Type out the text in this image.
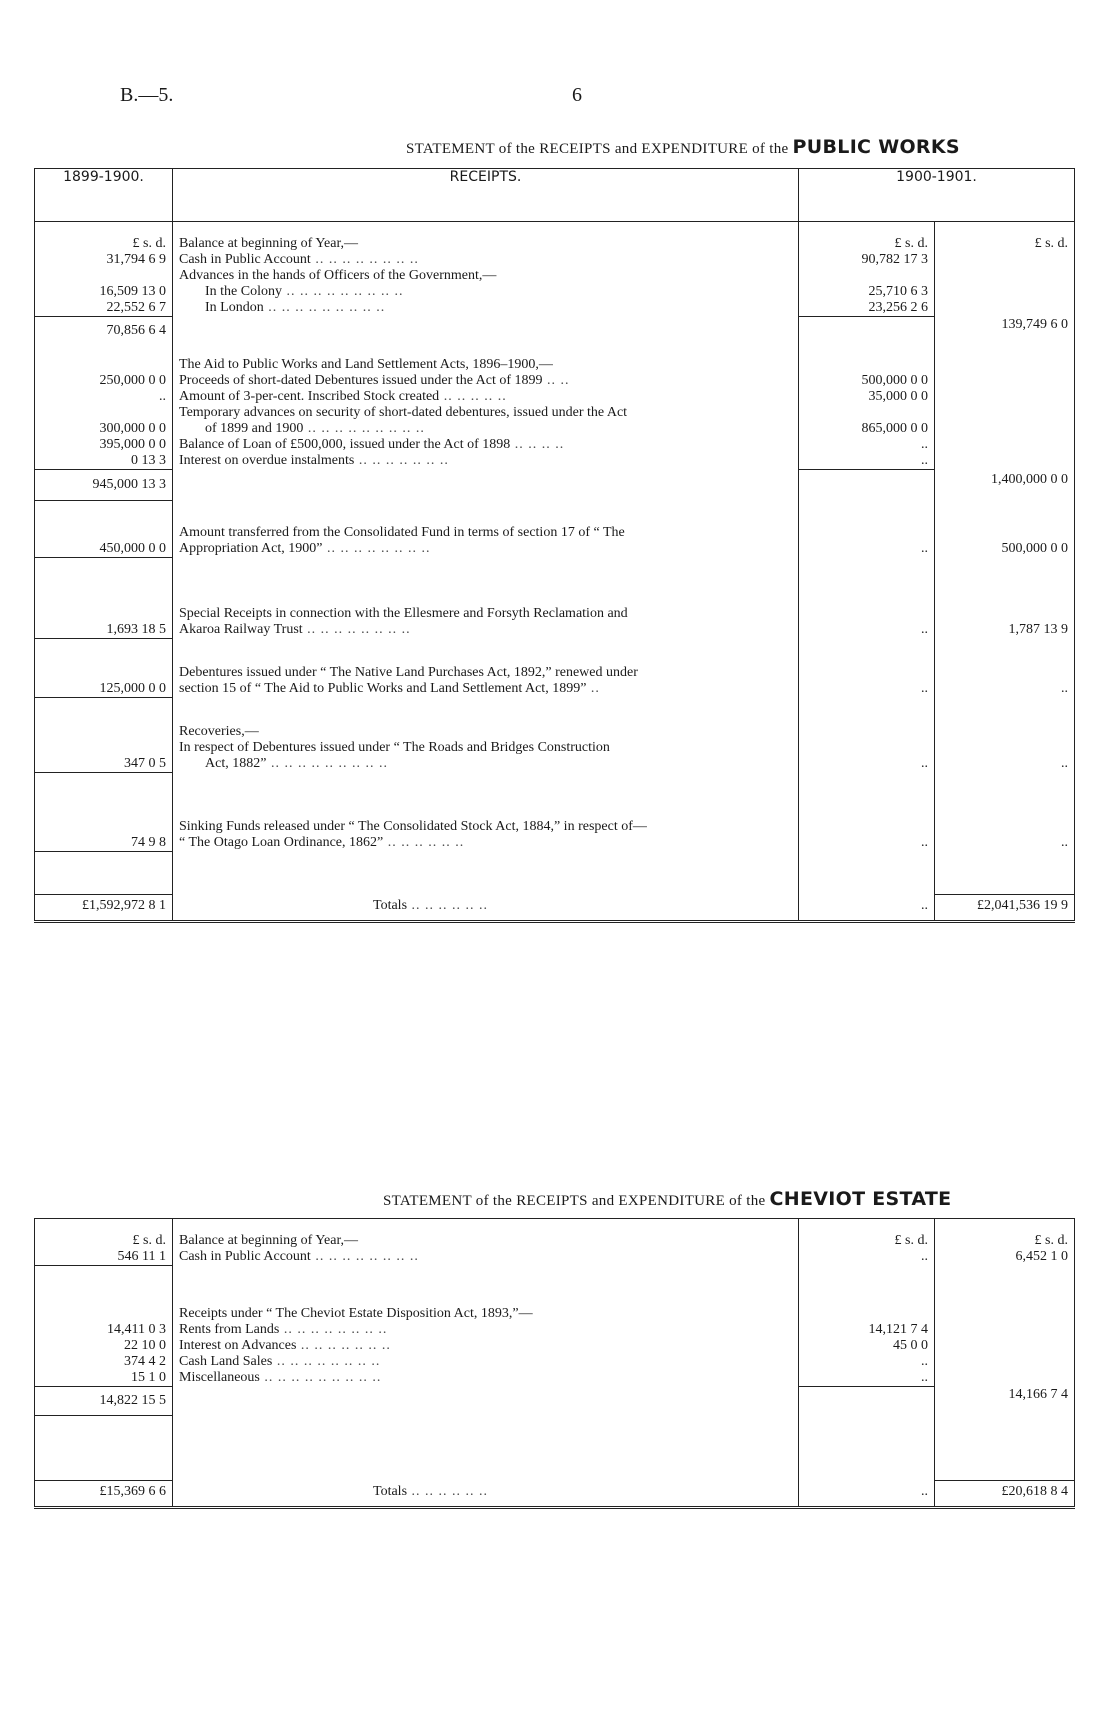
B.—5.	6
STATEMENT of the RECEIPTS and EXPENDITURE of the PUBLIC WORKS
1899-1900.	RECEIPTS.	1900-1901.	

£ s. d.	Balance at beginning of Year,—	£ s. d.	£ s. d.
31,794 6 9	Cash in Public Account .. .. .. .. .. .. .. ..	90,782 17 3	
	Advances in the hands of Officers of the Government,—		
16,509 13 0	In the Colony .. .. .. .. .. .. .. .. ..	25,710 6 3	
22,552 6 7	In London .. .. .. .. .. .. .. .. ..	23,256 2 6	
70,856 6 4			139,749 6 0

	The Aid to Public Works and Land Settlement Acts, 1896–1900,—		
250,000 0 0	Proceeds of short-dated Debentures issued under the Act of 1899 .. ..	500,000 0 0	
..	Amount of 3-per-cent. Inscribed Stock created .. .. .. .. ..	35,000 0 0	
	Temporary advances on security of short-dated debentures, issued under the Act		
300,000 0 0	of 1899 and 1900 .. .. .. .. .. .. .. .. ..	865,000 0 0	
395,000 0 0	Balance of Loan of £500,000, issued under the Act of 1898 .. .. .. ..	..	
0 13 3	Interest on overdue instalments .. .. .. .. .. .. ..	..	
945,000 13 3			1,400,000 0 0

	Amount transferred from the Consolidated Fund in terms of section 17 of “ The		
450,000 0 0	Appropriation Act, 1900” .. .. .. .. .. .. .. ..	..	500,000 0 0

	Special Receipts in connection with the Ellesmere and Forsyth Reclamation and		
1,693 18 5	Akaroa Railway Trust .. .. .. .. .. .. .. ..	..	1,787 13 9

	Debentures issued under “ The Native Land Purchases Act, 1892,” renewed under		
125,000 0 0	section 15 of “ The Aid to Public Works and Land Settlement Act, 1899” ..	..	..

	Recoveries,—		
	In respect of Debentures issued under “ The Roads and Bridges Construction		
347 0 5	Act, 1882” .. .. .. .. .. .. .. .. ..	..	..

	Sinking Funds released under “ The Consolidated Stock Act, 1884,” in respect of—		
74 9 8	“ The Otago Loan Ordinance, 1862” .. .. .. .. .. ..	..	..

£1,592,972 8 1	Totals .. .. .. .. .. ..	..	£2,041,536 19 9
STATEMENT of the RECEIPTS and EXPENDITURE of the CHEVIOT ESTATE

£ s. d.	Balance at beginning of Year,—	£ s. d.	£ s. d.
546 11 1	Cash in Public Account .. .. .. .. .. .. .. ..	..	6,452 1 0

	Receipts under “ The Cheviot Estate Disposition Act, 1893,”—		
14,411 0 3	Rents from Lands .. .. .. .. .. .. .. ..	14,121 7 4	
22 10 0	Interest on Advances .. .. .. .. .. .. ..	45 0 0	
374 4 2	Cash Land Sales .. .. .. .. .. .. .. ..	..	
15 1 0	Miscellaneous .. .. .. .. .. .. .. .. ..	..	
14,822 15 5			14,166 7 4

£15,369 6 6	Totals .. .. .. .. .. ..	..	£20,618 8 4
